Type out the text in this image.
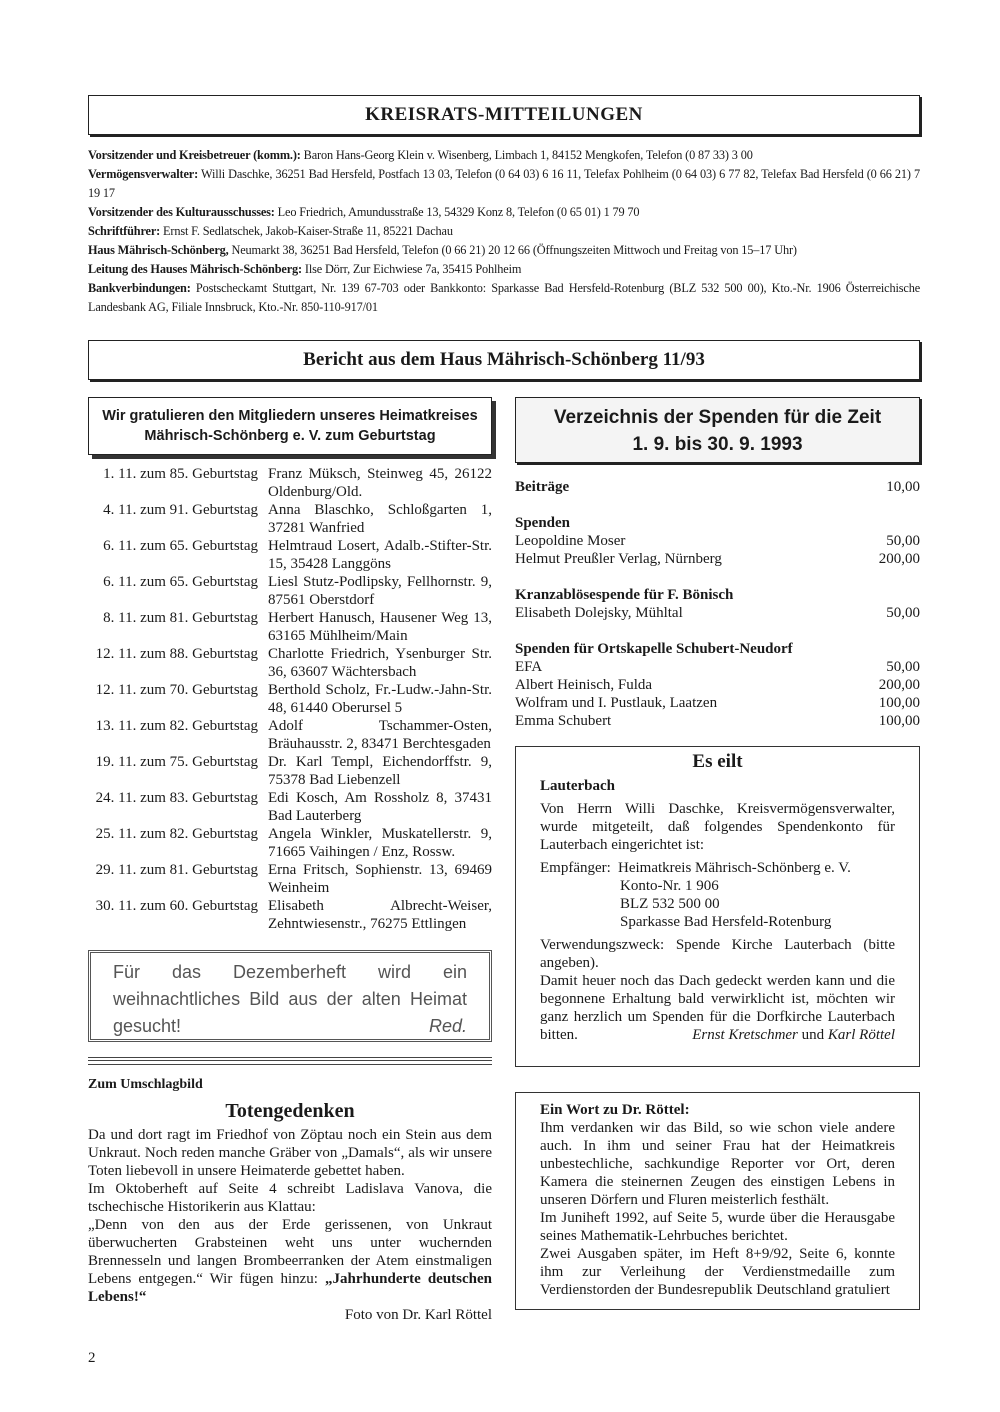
KREISRATS-MITTEILUNGEN

Vorsitzender und Kreisbetreuer (komm.): Baron Hans-Georg Klein v. Wisenberg, Limbach 1, 84152 Mengkofen, Telefon (0 87 33) 3 00

Vermögensverwalter: Willi Daschke, 36251 Bad Hersfeld, Postfach 13 03, Telefon (0 64 03) 6 16 11, Telefax Pohlheim (0 64 03) 6 77 82, Telefax Bad Hersfeld (0 66 21) 7 19 17

Vorsitzender des Kulturausschusses: Leo Friedrich, Amundusstraße 13, 54329 Konz 8, Telefon (0 65 01) 1 79 70

Schriftführer: Ernst F. Sedlatschek, Jakob-Kaiser-Straße 11, 85221 Dachau

Haus Mährisch-Schönberg, Neumarkt 38, 36251 Bad Hersfeld, Telefon (0 66 21) 20 12 66 (Öffnungszeiten Mittwoch und Freitag von 15–17 Uhr)

Leitung des Hauses Mährisch-Schönberg: Ilse Dörr, Zur Eichwiese 7a, 35415 Pohlheim

Bankverbindungen: Postscheckamt Stuttgart, Nr. 139 67-703 oder Bankkonto: Sparkasse Bad Hersfeld-Rotenburg (BLZ 532 500 00), Kto.-Nr. 1906 Österreichische Landesbank AG, Filiale Innsbruck, Kto.-Nr. 850-110-917/01

Bericht aus dem Haus Mährisch-Schönberg 11/93
Wir gratulieren den Mitgliedern unseres Heimatkreises Mährisch-Schönberg e. V. zum Geburtstag
1. 11. zum 85. Geburtstag Franz Müksch, Steinweg 45, 26122 Oldenburg/Old.
4. 11. zum 91. Geburtstag Anna Blaschko, Schloßgarten 1, 37281 Wanfried
6. 11. zum 65. Geburtstag Helmtraud Losert, Adalb.-Stifter-Str. 15, 35428 Langgöns
6. 11. zum 65. Geburtstag Liesl Stutz-Podlipsky, Fellhornstr. 9, 87561 Oberstdorf
8. 11. zum 81. Geburtstag Herbert Hanusch, Hausener Weg 13, 63165 Mühlheim/Main
12. 11. zum 88. Geburtstag Charlotte Friedrich, Ysenburger Str. 36, 63607 Wächtersbach
12. 11. zum 70. Geburtstag Berthold Scholz, Fr.-Ludw.-Jahn-Str. 48, 61440 Oberursel 5
13. 11. zum 82. Geburtstag Adolf Tschammer-Osten, Bräuhausstr. 2, 83471 Berchtesgaden
19. 11. zum 75. Geburtstag Dr. Karl Templ, Eichendorffstr. 9, 75378 Bad Liebenzell
24. 11. zum 83. Geburtstag Edi Kosch, Am Rossholz 8, 37431 Bad Lauterberg
25. 11. zum 82. Geburtstag Angela Winkler, Muskatellerstr. 9, 71665 Vaihingen / Enz, Rossw.
29. 11. zum 81. Geburtstag Erna Fritsch, Sophienstr. 13, 69469 Weinheim
30. 11. zum 60. Geburtstag Elisabeth Albrecht-Weiser, Zehntwiesenstr., 76275 Ettlingen
Für das Dezemberheft wird ein weihnachtliches Bild aus der alten Heimat gesucht!	Red.
Zum Umschlagbild
Totengedenken

Da und dort ragt im Friedhof von Zöptau noch ein Stein aus dem Unkraut. Noch reden manche Gräber von „Damals“, als wir unsere Toten liebevoll in unsere Heimaterde gebettet haben.

Im Oktoberheft auf Seite 4 schreibt Ladislava Vanova, die tschechische Historikerin aus Klattau:

„Denn von den aus der Erde gerissenen, von Unkraut überwucherten Grabsteinen weht uns unter wuchernden Brennesseln und langen Brombeerranken der Atem einstmaligen Lebens entgegen.“ Wir fügen hinzu: „Jahrhunderte deutschen Lebens!“

Foto von Dr. Karl Röttel

Verzeichnis der Spenden für die Zeit
1. 9. bis 30. 9. 1993
Beiträge	10,00
Spenden
Leopoldine Moser	50,00
Helmut Preußler Verlag, Nürnberg	200,00
Kranzablösespende für F. Bönisch
Elisabeth Dolejsky, Mühltal	50,00
Spenden für Ortskapelle Schubert-Neudorf
EFA	50,00
Albert Heinisch, Fulda	200,00
Wolfram und I. Pustlauk, Laatzen	100,00
Emma Schubert	100,00
Es eilt
Lauterbach

Von Herrn Willi Daschke, Kreisvermögensverwalter, wurde mitgeteilt, daß folgendes Spendenkonto für Lauterbach eingerichtet ist:

Empfänger: Heimatkreis Mährisch-Schönberg e. V.
Konto-Nr. 1 906
BLZ 532 500 00
Sparkasse Bad Hersfeld-Rotenburg

Verwendungszweck: Spende Kirche Lauterbach (bitte angeben).

Damit heuer noch das Dach gedeckt werden kann und die begonnene Erhaltung bald verwirklicht ist, möchten wir ganz herzlich um Spenden für die Dorfkirche Lauterbach bitten.	Ernst Kretschmer und Karl Röttel

Ein Wort zu Dr. Röttel:

Ihm verdanken wir das Bild, so wie schon viele andere auch. In ihm und seiner Frau hat der Heimatkreis unbestechliche, sachkundige Reporter vor Ort, deren Kamera die steinernen Zeugen des einstigen Lebens in unseren Dörfern und Fluren meisterlich festhält.

Im Juniheft 1992, auf Seite 5, wurde über die Herausgabe seines Mathematik-Lehrbuches berichtet.

Zwei Ausgaben später, im Heft 8+9/92, Seite 6, konnte ihm zur Verleihung der Verdienstmedaille zum Verdienstorden der Bundesrepublik Deutschland gratuliert

2
